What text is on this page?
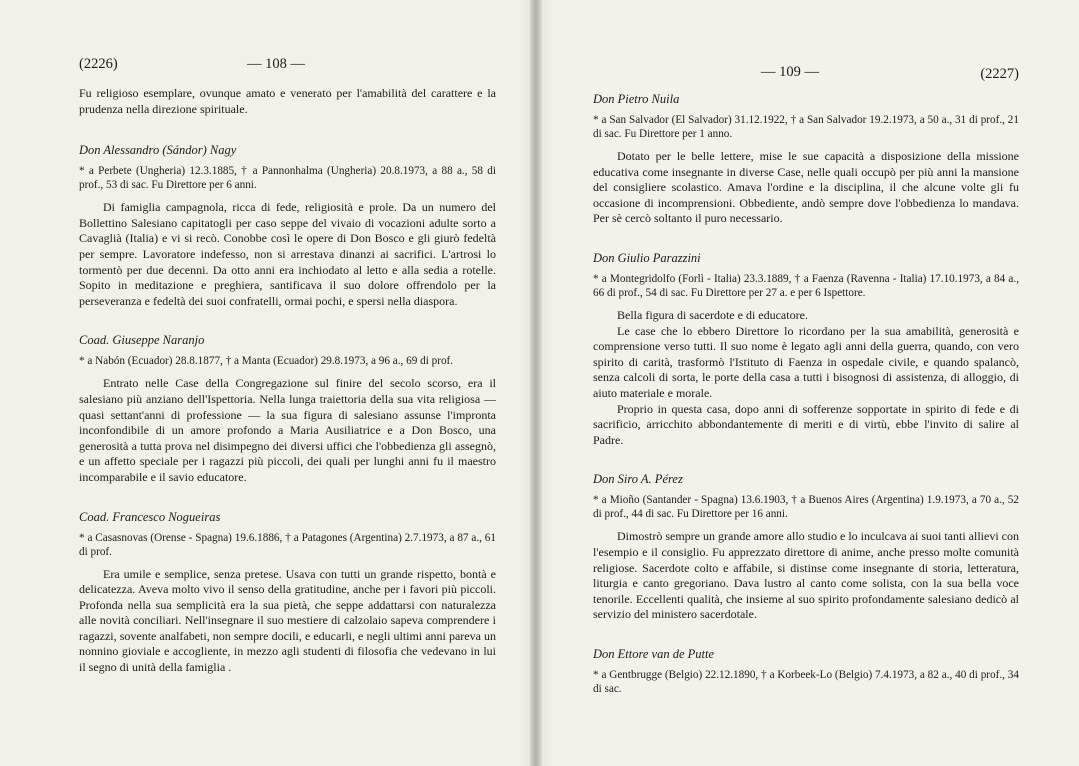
(2226)	— 108 —

Fu religioso esemplare, ovunque amato e venerato per l'amabilità del carattere e la prudenza nella direzione spirituale.

Don Alessandro (Sándor) Nagy
* a Perbete (Ungheria) 12.3.1885, † a Pannonhalma (Ungheria) 20.8.1973, a 88 a., 58 di prof., 53 di sac. Fu Direttore per 6 anni.

Di famiglia campagnola, ricca di fede, religiosità e prole. Da un numero del Bollettino Salesiano capitatogli per caso seppe del vivaio di vocazioni adulte sorto a Cavaglià (Italia) e vi si recò. Conobbe così le opere di Don Bosco e gli giurò fedeltà per sempre. Lavoratore indefesso, non si arrestava dinanzi ai sacrifici. L'artrosi lo tormentò per due decenni. Da otto anni era inchiodato al letto e alla sedia a rotelle. Sopito in meditazione e preghiera, santificava il suo dolore offrendolo per la perseveranza e fedeltà dei suoi confratelli, ormai pochi, e spersi nella diaspora.

Coad. Giuseppe Naranjo
* a Nabón (Ecuador) 28.8.1877, † a Manta (Ecuador) 29.8.1973, a 96 a., 69 di prof.

Entrato nelle Case della Congregazione sul finire del secolo scorso, era il salesiano più anziano dell'Ispettoria. Nella lunga traiettoria della sua vita religiosa — quasi settant'anni di professione — la sua figura di salesiano assunse l'impronta inconfondibile di un amore profondo a Maria Ausiliatrice e a Don Bosco, una generosità a tutta prova nel disimpegno dei diversi uffici che l'obbedienza gli assegnò, e un affetto speciale per i ragazzi più piccoli, dei quali per lunghi anni fu il maestro incomparabile e il savio educatore.

Coad. Francesco Nogueiras
* a Casasnovas (Orense - Spagna) 19.6.1886, † a Patagones (Argentina) 2.7.1973, a 87 a., 61 di prof.

Era umile e semplice, senza pretese. Usava con tutti un grande rispetto, bontà e delicatezza. Aveva molto vivo il senso della gratitudine, anche per i favori più piccoli. Profonda nella sua semplicità era la sua pietà, che seppe addattarsi con naturalezza alle novità conciliari. Nell'insegnare il suo mestiere di calzolaio sapeva comprendere i ragazzi, sovente analfabeti, non sempre docili, e educarli, e negli ultimi anni pareva un nonnino gioviale e accogliente, in mezzo agli studenti di filosofia che vedevano in lui il segno di unità della famiglia .

— 109 —	(2227)
Don Pietro Nuila
* a San Salvador (El Salvador) 31.12.1922, † a San Salvador 19.2.1973, a 50 a., 31 di prof., 21 di sac. Fu Direttore per 1 anno.

Dotato per le belle lettere, mise le sue capacità a disposizione della missione educativa come insegnante in diverse Case, nelle quali occupò per più anni la mansione del consigliere scolastico. Amava l'ordine e la disciplina, il che alcune volte gli fu occasione di incomprensioni. Obbediente, andò sempre dove l'obbedienza lo mandava. Per sè cercò soltanto il puro necessario.

Don Giulio Parazzini
* a Montegridolfo (Forlì - Italia) 23.3.1889, † a Faenza (Ravenna - Italia) 17.10.1973, a 84 a., 66 di prof., 54 di sac. Fu Direttore per 27 a. e per 6 Ispettore.

Bella figura di sacerdote e di educatore.

Le case che lo ebbero Direttore lo ricordano per la sua amabilità, generosità e comprensione verso tutti. Il suo nome è legato agli anni della guerra, quando, con vero spirito di carità, trasformò l'Istituto di Faenza in ospedale civile, e quando spalancò, senza calcoli di sorta, le porte della casa a tutti i bisognosi di assistenza, di alloggio, di aiuto materiale e morale.

Proprio in questa casa, dopo anni di sofferenze sopportate in spirito di fede e di sacrificio, arricchito abbondantemente di meriti e di virtù, ebbe l'invito di salire al Padre.

Don Siro A. Pérez
* a Mioño (Santander - Spagna) 13.6.1903, † a Buenos Aires (Argentina) 1.9.1973, a 70 a., 52 di prof., 44 di sac. Fu Direttore per 16 anni.

Dimostrò sempre un grande amore allo studio e lo inculcava ai suoi tanti allievi con l'esempio e il consiglio. Fu apprezzato direttore di anime, anche presso molte comunità religiose. Sacerdote colto e affabile, si distinse come insegnante di storia, letteratura, liturgia e canto gregoriano. Dava lustro al canto come solista, con la sua bella voce tenorile. Eccellenti qualità, che insieme al suo spirito profondamente salesiano dedicò al servizio del ministero sacerdotale.

Don Ettore van de Putte
* a Gentbrugge (Belgio) 22.12.1890, † a Korbeek-Lo (Belgio) 7.4.1973, a 82 a., 40 di prof., 34 di sac.
